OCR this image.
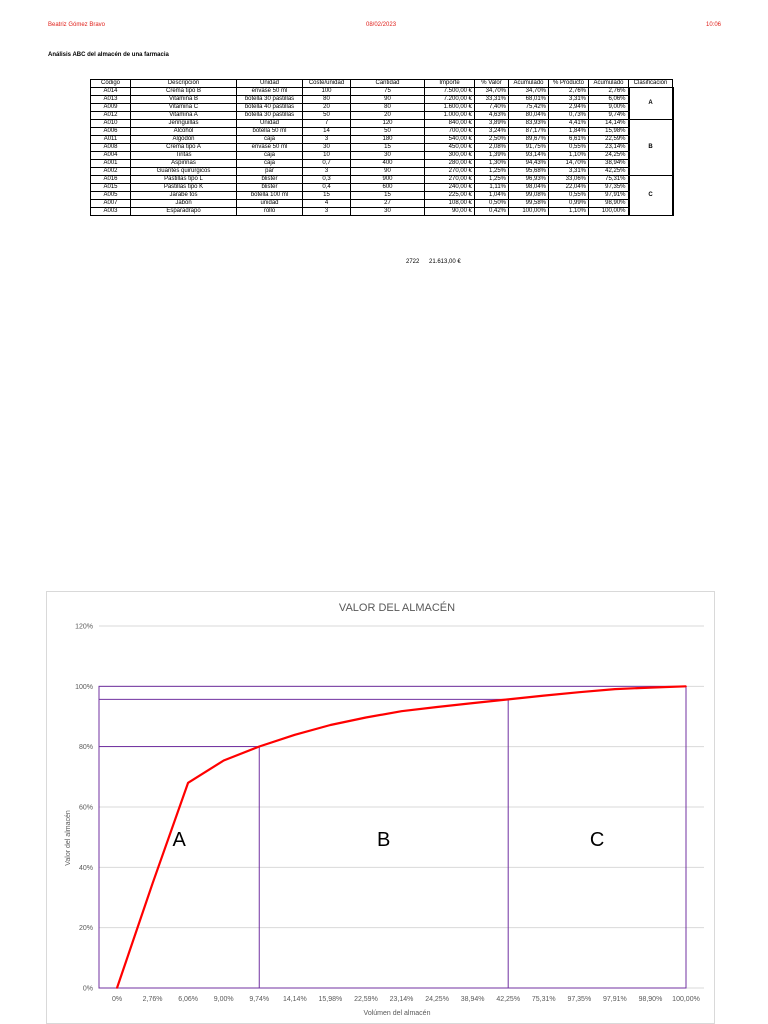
Beatriz Gómez Bravo	08/02/2023	10:06
Análisis ABC del almacén de una farmacia
Código	Descripción	Unidad	Coste/unidad	Cantidad	Importe	% Valor	Acumulado	% Producto	Acumulado	Clasificación
A014	Crema tipo B	envase 50 ml	100	75	7.500,00 €	34,70%	34,70%	2,76%	2,76%	A
A013	Vitamina B	botella 30 pastillas	80	90	7.200,00 €	33,31%	68,01%	3,31%	6,06%	
A009	Vitamina C	botella 40 pastillas	20	80	1.600,00 €	7,40%	75,42%	2,94%	9,00%	
A012	Vitamina A	botella 30 pastillas	50	20	1.000,00 €	4,63%	80,04%	0,73%	9,74%	
A010	Jeringuillas	Unidad	7	120	840,00 €	3,89%	83,93%	4,41%	14,14%	B
A006	Alcohol	botella 50 ml	14	50	700,00 €	3,24%	87,17%	1,84%	15,98%	
A011	Algodón	caja	3	180	540,00 €	2,50%	89,67%	6,61%	22,59%	
A008	Crema tipo A	envase 50 ml	30	15	450,00 €	2,08%	91,75%	0,55%	23,14%	
A004	Tiritas	caja	10	30	300,00 €	1,39%	93,14%	1,10%	24,25%	
A001	Aspirinas	caja	0,7	400	280,00 €	1,30%	94,43%	14,70%	38,94%	
A002	Guantes quirúrgicos	par	3	90	270,00 €	1,25%	95,68%	3,31%	42,25%	
A016	Pastillas tipo L	blister	0,3	900	270,00 €	1,25%	96,93%	33,06%	75,31%	C
A015	Pastillas tipo K	blister	0,4	600	240,00 €	1,11%	98,04%	22,04%	97,35%	
A005	Jarabe tos	botella 100 ml	15	15	225,00 €	1,04%	99,08%	0,55%	97,91%	
A007	Jabón	unidad	4	27	108,00 €	0,50%	99,58%	0,99%	98,90%	
A003	Esparadrapo	rollo	3	30	90,00 €	0,42%	100,00%	1,10%	100,00%	
2722 21.613,00 €
VALOR DEL ALMACÉN
Volúmen del almacén
Valor del almacén
0%
20%
40%
60%
80%
100%
120%
0%	2,76% 6,06% 9,00% 9,74% 14,14% 15,98% 22,59% 23,14% 24,25% 38,94% 42,25% 75,31% 97,35% 97,91% 98,90% 100,00%
A	B	C
